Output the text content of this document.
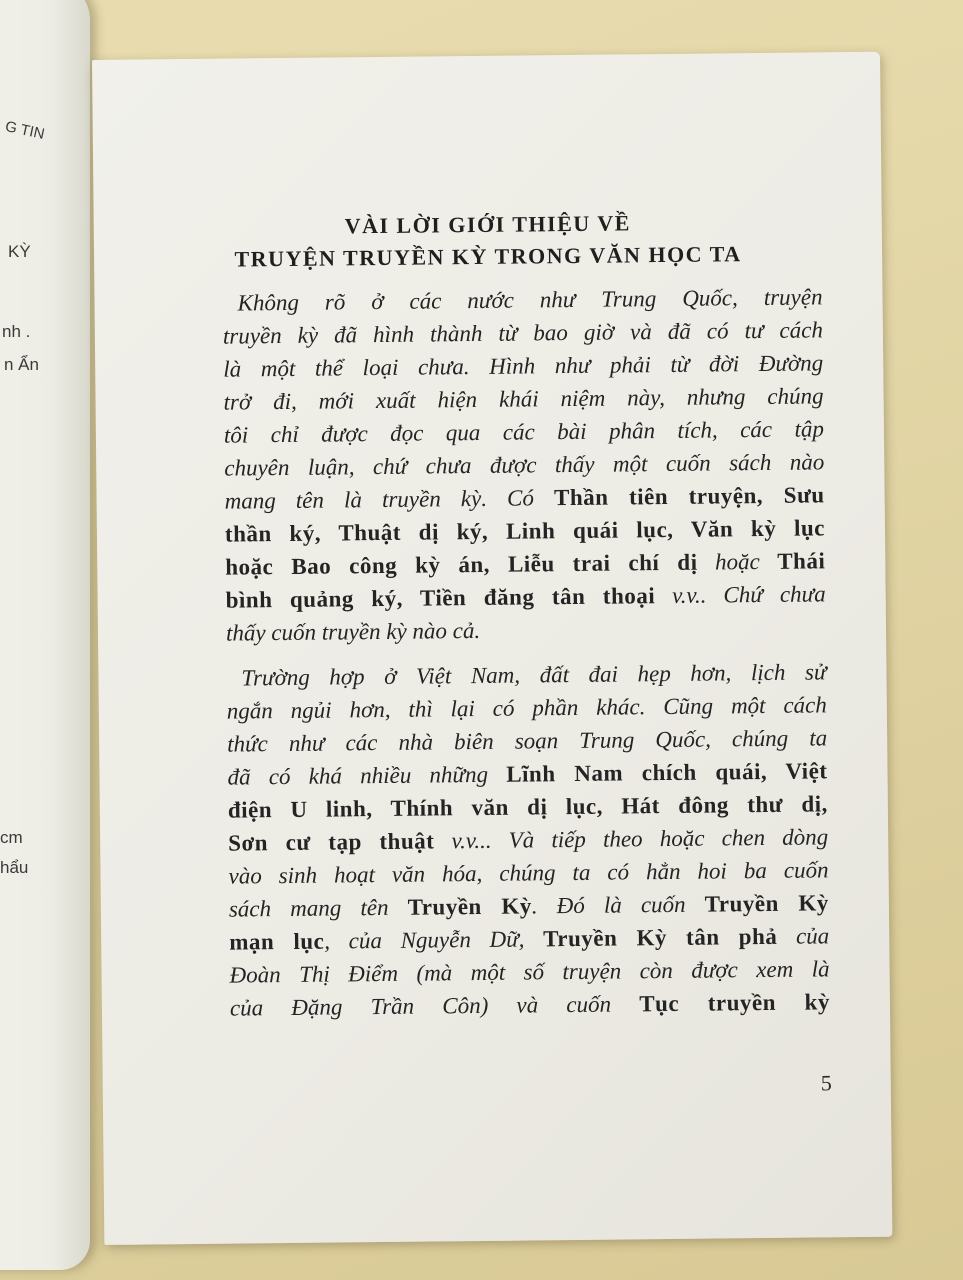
G TIN
KỲ
nh .
n Ẩn
cm
hẩu
VÀI LỜI GIỚI THIỆU VỀ
TRUYỆN TRUYỀN KỲ TRONG VĂN HỌC TA
Không rõ ở các nước như Trung Quốc, truyện
truyền kỳ đã hình thành từ bao giờ và đã có tư cách
là một thể loại chưa. Hình như phải từ đời Đường
trở đi, mới xuất hiện khái niệm này, nhưng chúng
tôi chỉ được đọc qua các bài phân tích, các tập
chuyên luận, chứ chưa được thấy một cuốn sách nào
mang tên là truyền kỳ. Có Thần tiên truyện, Sưu
thần ký, Thuật dị ký, Linh quái lục, Văn kỳ lục
hoặc Bao công kỳ án, Liễu trai chí dị hoặc Thái
bình quảng ký, Tiền đăng tân thoại v.v.. Chứ chưa
thấy cuốn truyền kỳ nào cả.
Trường hợp ở Việt Nam, đất đai hẹp hơn, lịch sử
ngắn ngủi hơn, thì lại có phần khác. Cũng một cách
thức như các nhà biên soạn Trung Quốc, chúng ta
đã có khá nhiều những Lĩnh Nam chích quái, Việt
điện U linh, Thính văn dị lục, Hát đông thư dị,
Sơn cư tạp thuật v.v... Và tiếp theo hoặc chen dòng
vào sinh hoạt văn hóa, chúng ta có hẳn hoi ba cuốn
sách mang tên Truyền Kỳ. Đó là cuốn Truyền Kỳ
mạn lục, của Nguyễn Dữ, Truyền Kỳ tân phả của
Đoàn Thị Điểm (mà một số truyện còn được xem là
của Đặng Trần Côn) và cuốn Tục truyền kỳ
5
